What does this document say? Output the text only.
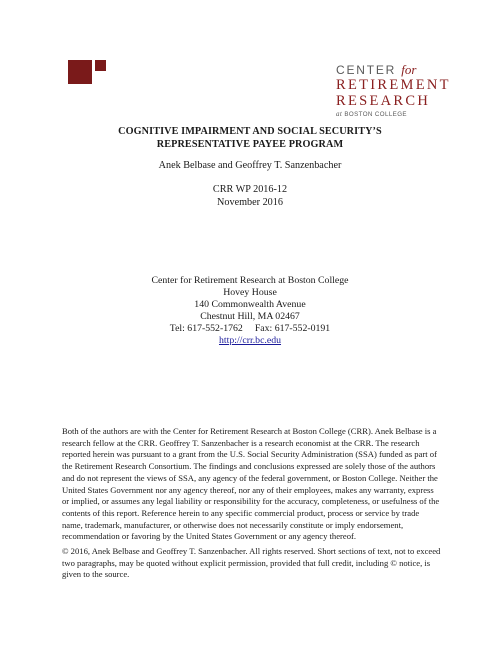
CENTER for
RETIREMENT
RESEARCH
at BOSTON COLLEGE
COGNITIVE IMPAIRMENT AND SOCIAL SECURITY’S
REPRESENTATIVE PAYEE PROGRAM
Anek Belbase and Geoffrey T. Sanzenbacher
CRR WP 2016-12
November 2016
Center for Retirement Research at Boston College
Hovey House
140 Commonwealth Avenue
Chestnut Hill, MA 02467
Tel: 617-552-1762 Fax: 617-552-0191
http://crr.bc.edu
Both of the authors are with the Center for Retirement Research at Boston College (CRR). Anek Belbase is a research fellow at the CRR. Geoffrey T. Sanzenbacher is a research economist at the CRR. The research reported herein was pursuant to a grant from the U.S. Social Security Administration (SSA) funded as part of the Retirement Research Consortium. The findings and conclusions expressed are solely those of the authors and do not represent the views of SSA, any agency of the federal government, or Boston College. Neither the United States Government nor any agency thereof, nor any of their employees, makes any warranty, express or implied, or assumes any legal liability or responsibility for the accuracy, completeness, or usefulness of the contents of this report. Reference herein to any specific commercial product, process or service by trade name, trademark, manufacturer, or otherwise does not necessarily constitute or imply endorsement, recommendation or favoring by the United States Government or any agency thereof.
© 2016, Anek Belbase and Geoffrey T. Sanzenbacher. All rights reserved. Short sections of text, not to exceed two paragraphs, may be quoted without explicit permission, provided that full credit, including © notice, is given to the source.
